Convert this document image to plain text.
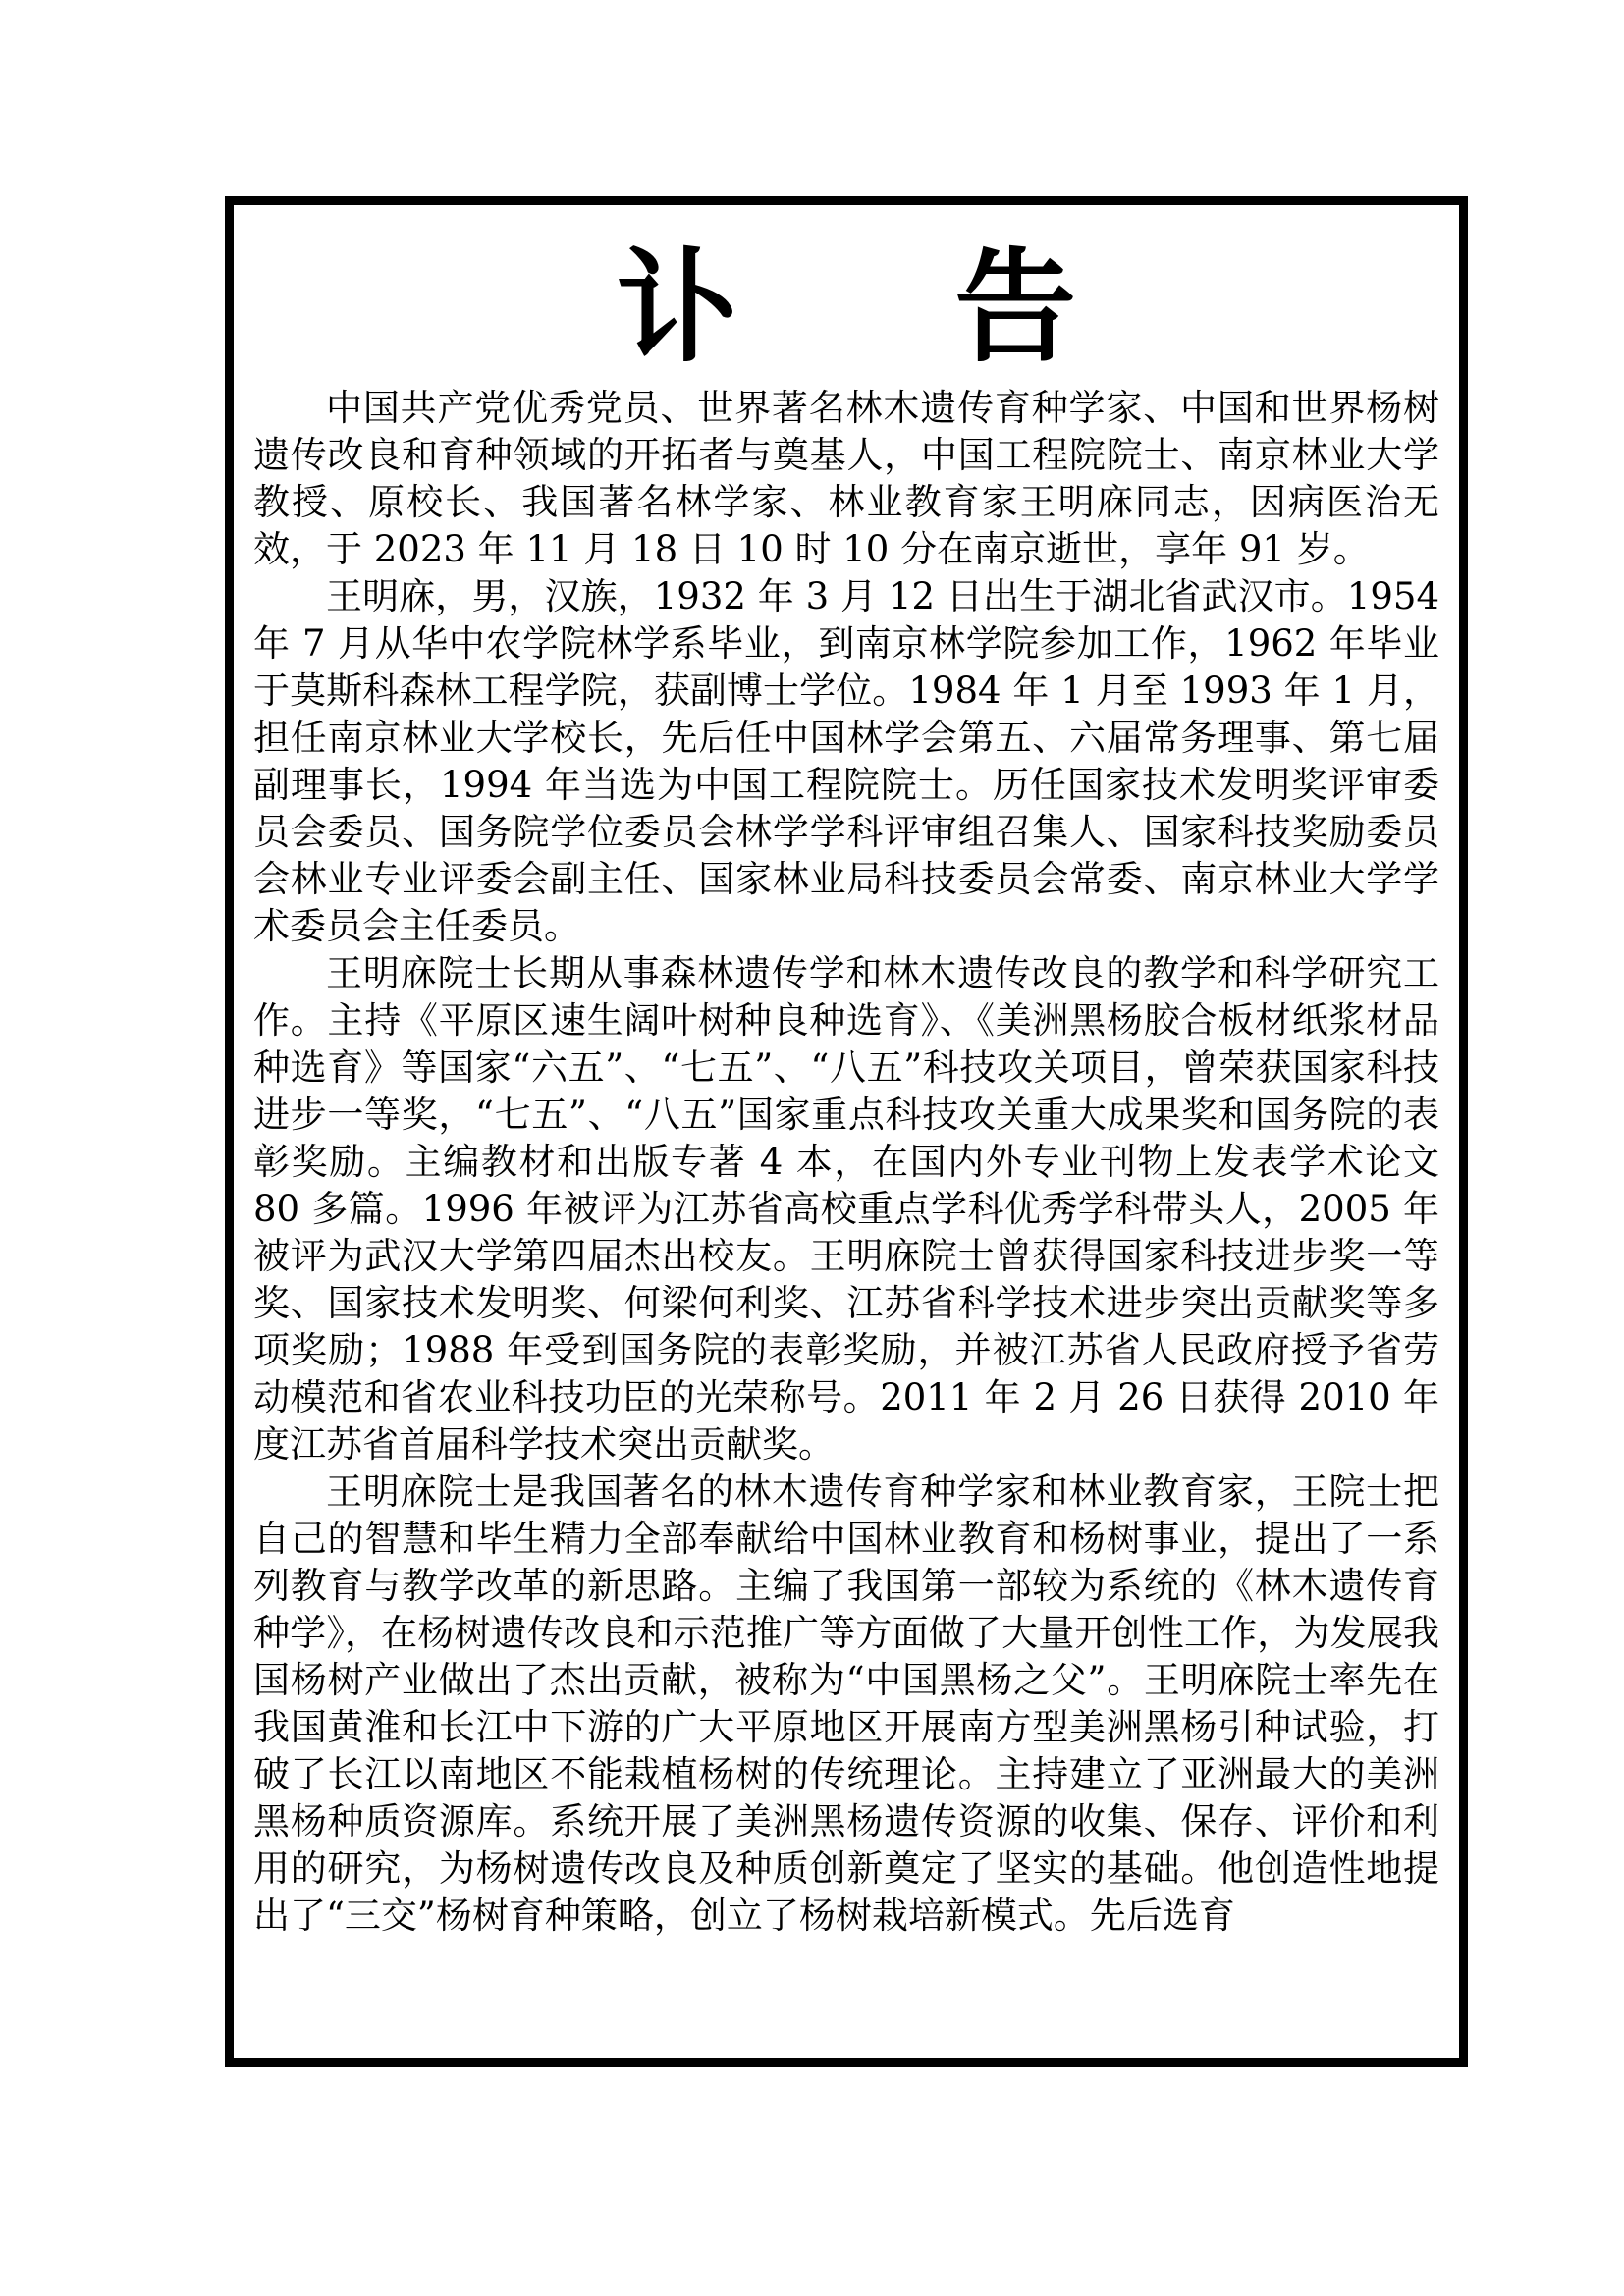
讣告

中国共产党优秀党员、世界著名林木遗传育种学家、中国和世界杨树遗传改良和育种领域的开拓者与奠基人，中国工程院院士、南京林业大学教授、原校长、我国著名林学家、林业教育家王明庥同志，因病医治无效，于 2023 年 11 月 18 日 10 时 10 分在南京逝世，享年 91 岁。

王明庥，男，汉族，1932 年 3 月 12 日出生于湖北省武汉市。1954 年 7 月从华中农学院林学系毕业，到南京林学院参加工作，1962 年毕业于莫斯科森林工程学院，获副博士学位。1984 年 1 月至 1993 年 1 月，担任南京林业大学校长，先后任中国林学会第五、六届常务理事、第七届副理事长，1994 年当选为中国工程院院士。历任国家技术发明奖评审委员会委员、国务院学位委员会林学学科评审组召集人、国家科技奖励委员会林业专业评委会副主任、国家林业局科技委员会常委、南京林业大学学术委员会主任委员。

王明庥院士长期从事森林遗传学和林木遗传改良的教学和科学研究工作。主持《平原区速生阔叶树种良种选育》、《美洲黑杨胶合板材纸浆材品种选育》等国家“六五”、“七五”、“八五”科技攻关项目，曾荣获国家科技进步一等奖，“七五”、“八五”国家重点科技攻关重大成果奖和国务院的表彰奖励。主编教材和出版专著 4 本，在国内外专业刊物上发表学术论文 80 多篇。1996 年被评为江苏省高校重点学科优秀学科带头人，2005 年被评为武汉大学第四届杰出校友。王明庥院士曾获得国家科技进步奖一等奖、国家技术发明奖、何梁何利奖、江苏省科学技术进步突出贡献奖等多项奖励；1988 年受到国务院的表彰奖励，并被江苏省人民政府授予省劳动模范和省农业科技功臣的光荣称号。2011 年 2 月 26 日获得 2010 年度江苏省首届科学技术突出贡献奖。

王明庥院士是我国著名的林木遗传育种学家和林业教育家，王院士把自己的智慧和毕生精力全部奉献给中国林业教育和杨树事业，提出了一系列教育与教学改革的新思路。主编了我国第一部较为系统的《林木遗传育种学》，在杨树遗传改良和示范推广等方面做了大量开创性工作，为发展我国杨树产业做出了杰出贡献，被称为“中国黑杨之父”。王明庥院士率先在我国黄淮和长江中下游的广大平原地区开展南方型美洲黑杨引种试验，打破了长江以南地区不能栽植杨树的传统理论。主持建立了亚洲最大的美洲黑杨种质资源库。系统开展了美洲黑杨遗传资源的收集、保存、评价和利用的研究，为杨树遗传改良及种质创新奠定了坚实的基础。他创造性地提出了“三交”杨树育种策略，创立了杨树栽培新模式。先后选育
